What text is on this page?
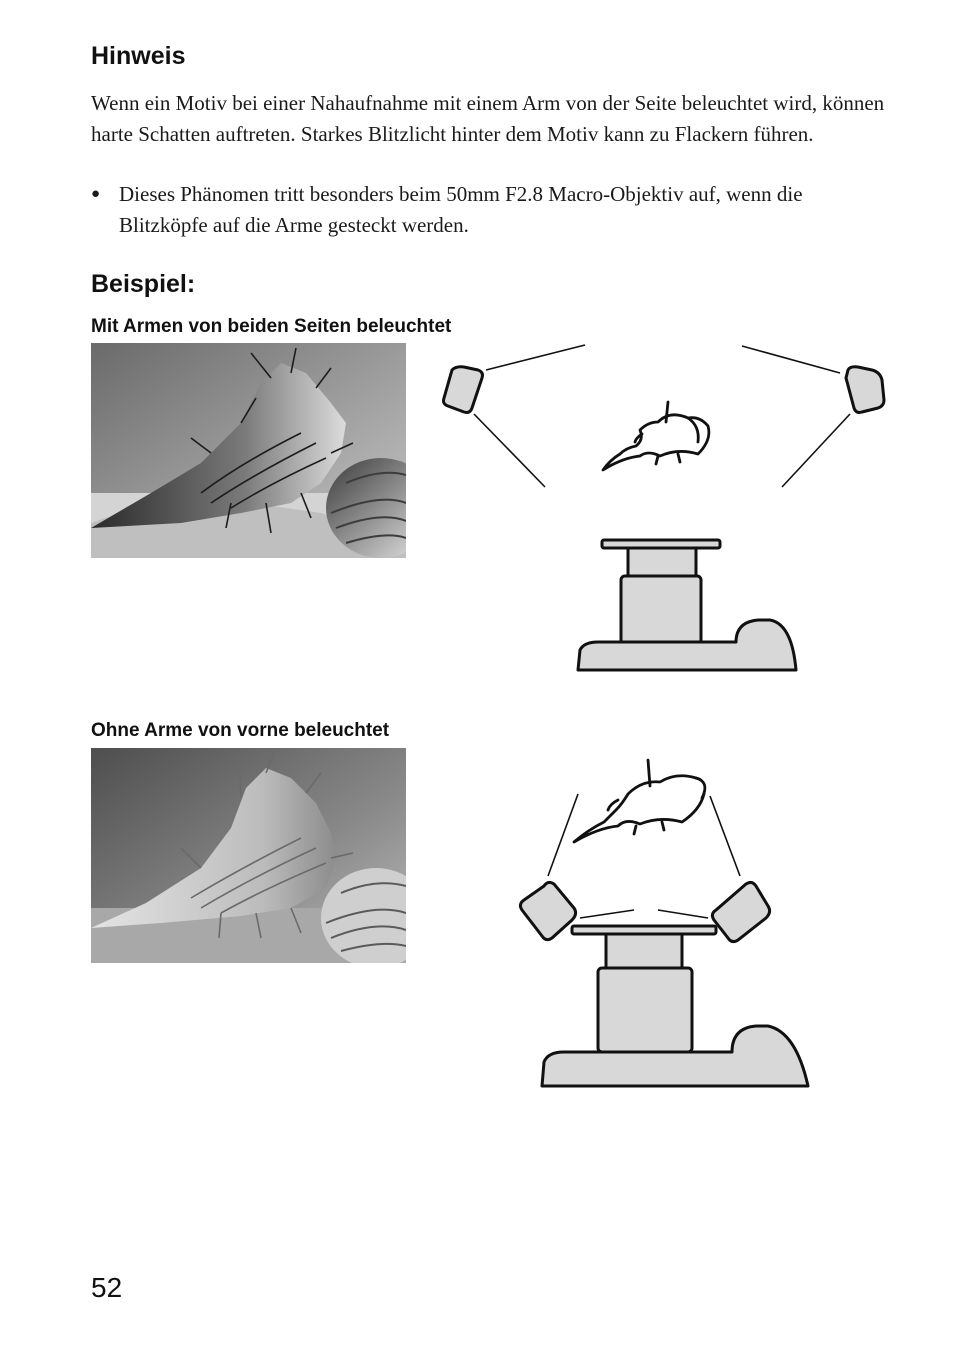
Hinweis

Wenn ein Motiv bei einer Nahaufnahme mit einem Arm von der Seite beleuchtet wird, können harte Schatten auftreten. Starkes Blitzlicht hinter dem Motiv kann zu Flackern führen.

● Dieses Phänomen tritt besonders beim 50mm F2.8 Macro-Objektiv auf, wenn die Blitzköpfe auf die Arme gesteckt werden.
Beispiel:
Mit Armen von beiden Seiten beleuchtet
Ohne Arme von vorne beleuchtet
52
